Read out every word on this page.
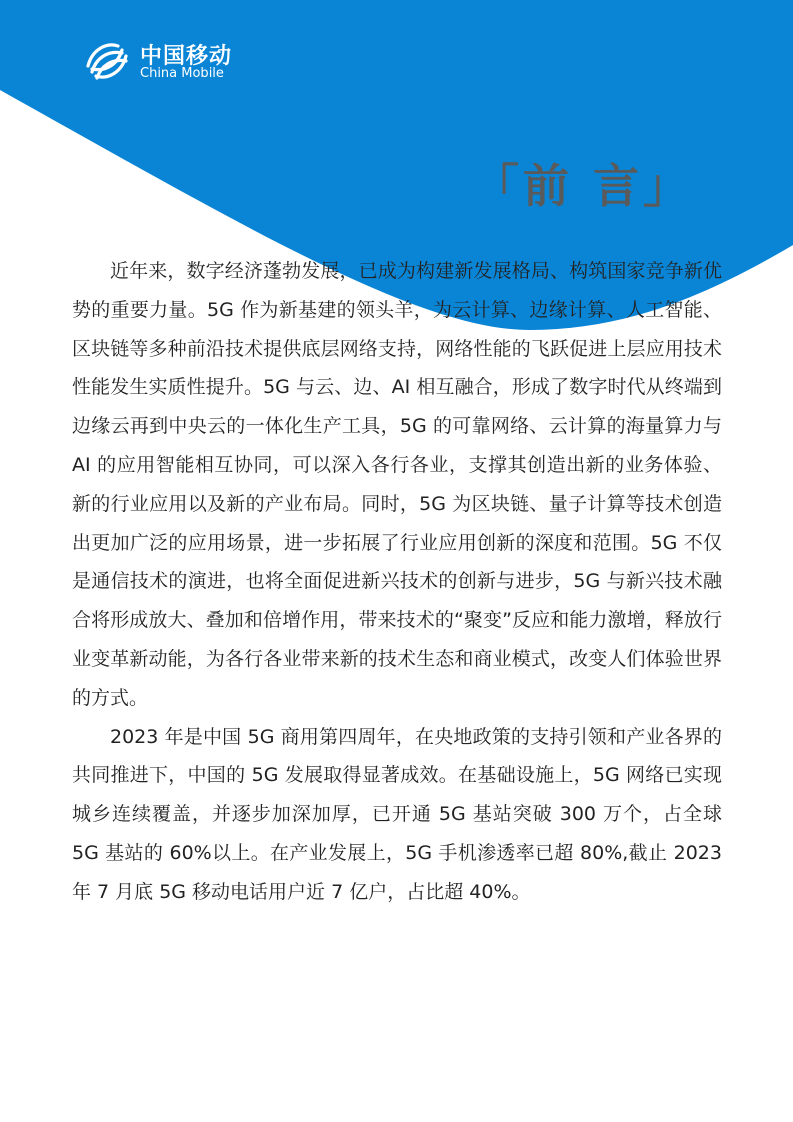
中国移动
China Mobile
「前 言」

近年来，数字经济蓬勃发展，已成为构建新发展格局、构筑国家竞争新优势的重要力量。5G 作为新基建的领头羊，为云计算、边缘计算、人工智能、区块链等多种前沿技术提供底层网络支持，网络性能的飞跃促进上层应用技术性能发生实质性提升。5G 与云、边、AI 相互融合，形成了数字时代从终端到边缘云再到中央云的一体化生产工具，5G 的可靠网络、云计算的海量算力与 AI 的应用智能相互协同，可以深入各行各业，支撑其创造出新的业务体验、新的行业应用以及新的产业布局。同时，5G 为区块链、量子计算等技术创造出更加广泛的应用场景，进一步拓展了行业应用创新的深度和范围。5G 不仅是通信技术的演进，也将全面促进新兴技术的创新与进步，5G 与新兴技术融合将形成放大、叠加和倍增作用，带来技术的“聚变”反应和能力激增，释放行业变革新动能，为各行各业带来新的技术生态和商业模式，改变人们体验世界的方式。

2023 年是中国 5G 商用第四周年，在央地政策的支持引领和产业各界的共同推进下，中国的 5G 发展取得显著成效。在基础设施上，5G 网络已实现城乡连续覆盖，并逐步加深加厚，已开通 5G 基站突破 300 万个，占全球 5G 基站的 60%以上。在产业发展上，5G 手机渗透率已超 80%,截止 2023 年 7 月底 5G 移动电话用户近 7 亿户，占比超 40%。
